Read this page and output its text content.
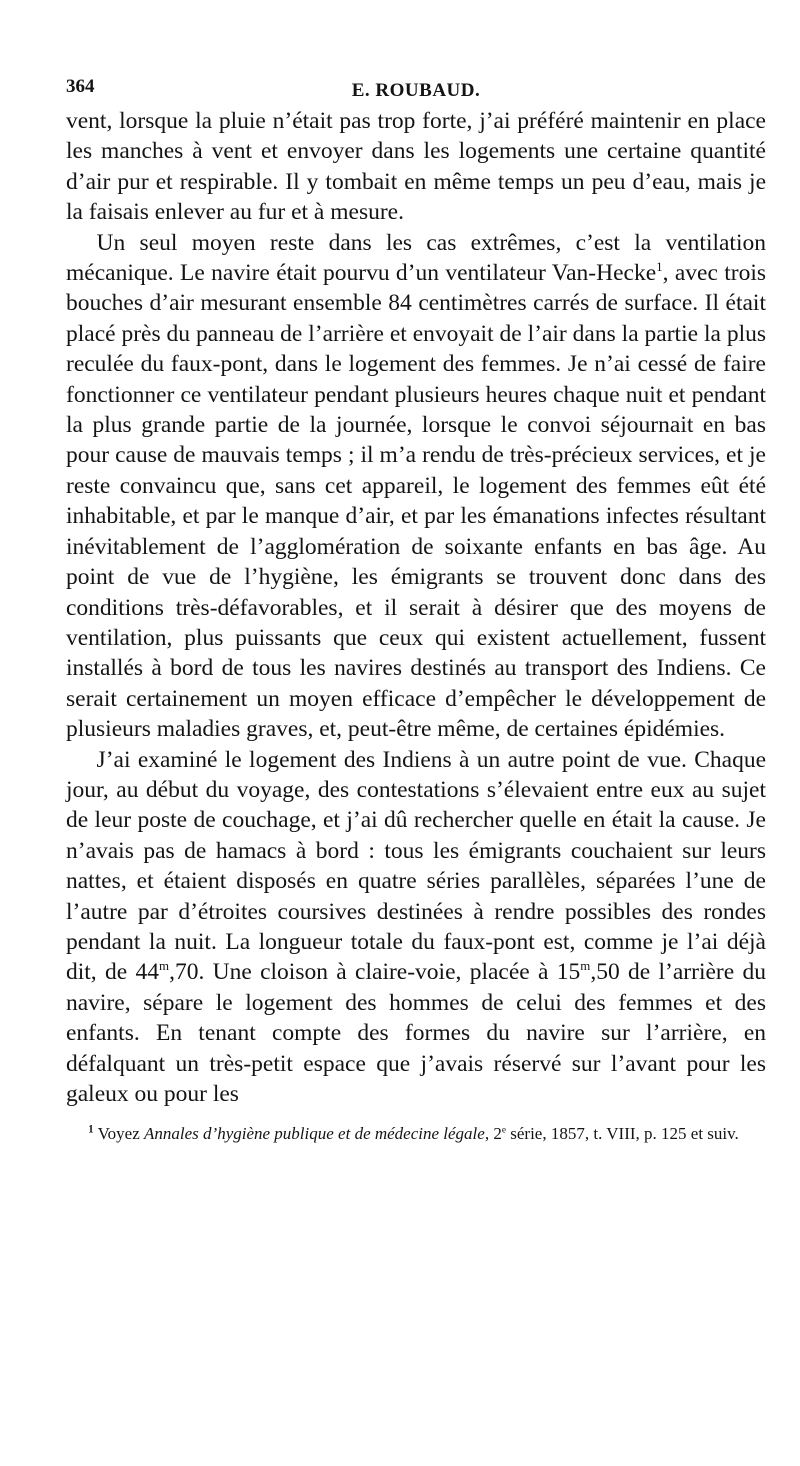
364	E. ROUBAUD.

vent, lorsque la pluie n’était pas trop forte, j’ai préféré maintenir en place les manches à vent et envoyer dans les logements une certaine quantité d’air pur et respirable. Il y tombait en même temps un peu d’eau, mais je la faisais enlever au fur et à mesure.

Un seul moyen reste dans les cas extrêmes, c’est la ventilation mécanique. Le navire était pourvu d’un ventilateur Van-Hecke$^1$, avec trois bouches d’air mesurant ensemble 84 centimètres carrés de surface. Il était placé près du panneau de l’arrière et envoyait de l’air dans la partie la plus reculée du faux-pont, dans le logement des femmes. Je n’ai cessé de faire fonctionner ce ventilateur pendant plusieurs heures chaque nuit et pendant la plus grande partie de la journée, lorsque le convoi séjournait en bas pour cause de mauvais temps ; il m’a rendu de très-précieux services, et je reste convaincu que, sans cet appareil, le logement des femmes eût été inhabitable, et par le manque d’air, et par les émanations infectes résultant inévitablement de l’agglomération de soixante enfants en bas âge. Au point de vue de l’hygiène, les émigrants se trouvent donc dans des conditions très-défavorables, et il serait à désirer que des moyens de ventilation, plus puissants que ceux qui existent actuellement, fussent installés à bord de tous les navires destinés au transport des Indiens. Ce serait certainement un moyen efficace d’empêcher le développement de plusieurs maladies graves, et, peut-être même, de certaines épidémies.

J’ai examiné le logement des Indiens à un autre point de vue. Chaque jour, au début du voyage, des contestations s’élevaient entre eux au sujet de leur poste de couchage, et j’ai dû rechercher quelle en était la cause. Je n’avais pas de hamacs à bord : tous les émigrants couchaient sur leurs nattes, et étaient disposés en quatre séries parallèles, séparées l’une de l’autre par d’étroites coursives destinées à rendre possibles des rondes pendant la nuit. La longueur totale du faux-pont est, comme je l’ai déjà dit, de 44$^m$,70. Une cloison à claire-voie, placée à 15$^m$,50 de l’arrière du navire, sépare le logement des hommes de celui des femmes et des enfants. En tenant compte des formes du navire sur l’arrière, en défalquant un très-petit espace que j’avais réservé sur l’avant pour les galeux ou pour les

$^1$ Voyez Annales d’hygiène publique et de médecine légale, 2e série, 1857, t. VIII, p. 125 et suiv.
